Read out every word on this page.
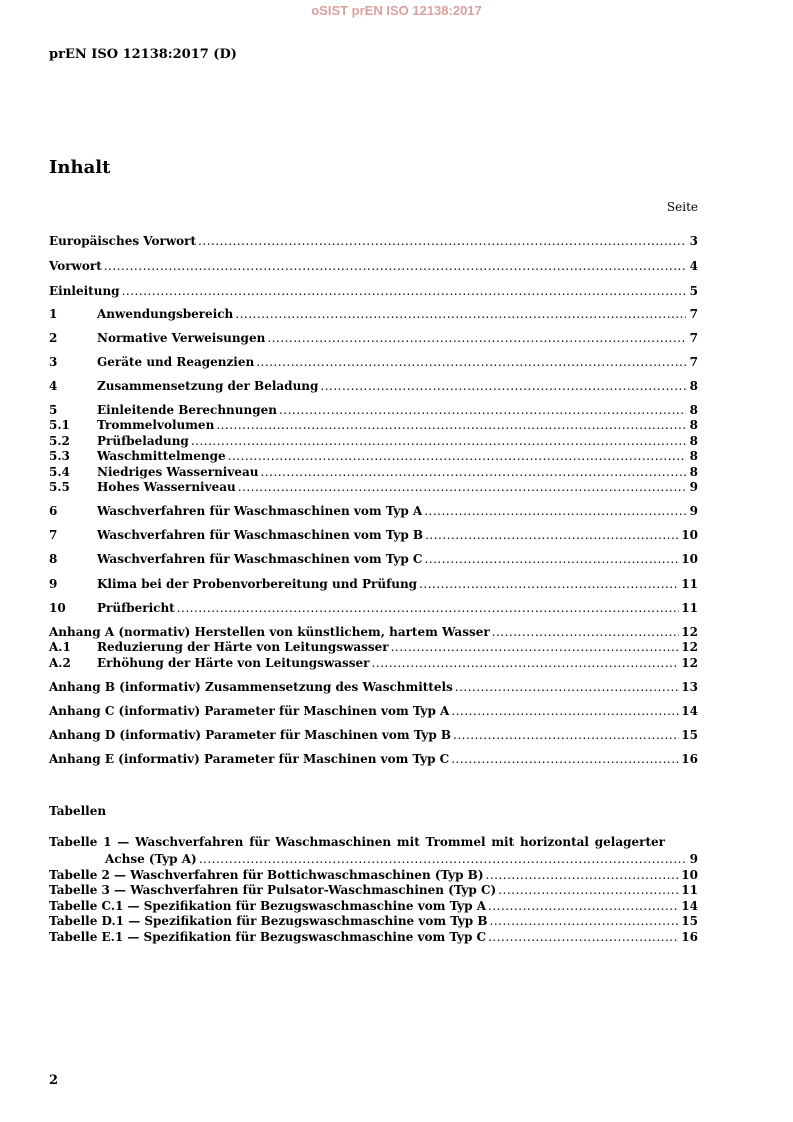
oSIST prEN ISO 12138:2017
prEN ISO 12138:2017 (D)
Inhalt
Seite
Europäisches Vorwort .....	3
Vorwort .....	4
Einleitung .....	5
1	Anwendungsbereich .....	7
2	Normative Verweisungen .....	7
3	Geräte und Reagenzien .....	7
4	Zusammensetzung der Beladung .....	8
5	Einleitende Berechnungen .....	8
5.1	Trommelvolumen .....	8
5.2	Prüfbeladung .....	8
5.3	Waschmittelmenge .....	8
5.4	Niedriges Wasserniveau .....	8
5.5	Hohes Wasserniveau .....	9
6	Waschverfahren für Waschmaschinen vom Typ A .....	9
7	Waschverfahren für Waschmaschinen vom Typ B .....	10
8	Waschverfahren für Waschmaschinen vom Typ C .....	10
9	Klima bei der Probenvorbereitung und Prüfung .....	11
10	Prüfbericht .....	11
Anhang A (normativ) Herstellen von künstlichem, hartem Wasser .....	12
A.1	Reduzierung der Härte von Leitungswasser .....	12
A.2	Erhöhung der Härte von Leitungswasser .....	12
Anhang B (informativ) Zusammensetzung des Waschmittels .....	13
Anhang C (informativ) Parameter für Maschinen vom Typ A .....	14
Anhang D (informativ) Parameter für Maschinen vom Typ B .....	15
Anhang E (informativ) Parameter für Maschinen vom Typ C .....	16
Tabellen
Tabelle 1 — Waschverfahren für Waschmaschinen mit Trommel mit horizontal gelagerter
Achse (Typ A) .....	9
Tabelle 2 — Waschverfahren für Bottichwaschmaschinen (Typ B) .....	10
Tabelle 3 — Waschverfahren für Pulsator-Waschmaschinen (Typ C) .....	11
Tabelle C.1 — Spezifikation für Bezugswaschmaschine vom Typ A .....	14
Tabelle D.1 — Spezifikation für Bezugswaschmaschine vom Typ B .....	15
Tabelle E.1 — Spezifikation für Bezugswaschmaschine vom Typ C .....	16
2
